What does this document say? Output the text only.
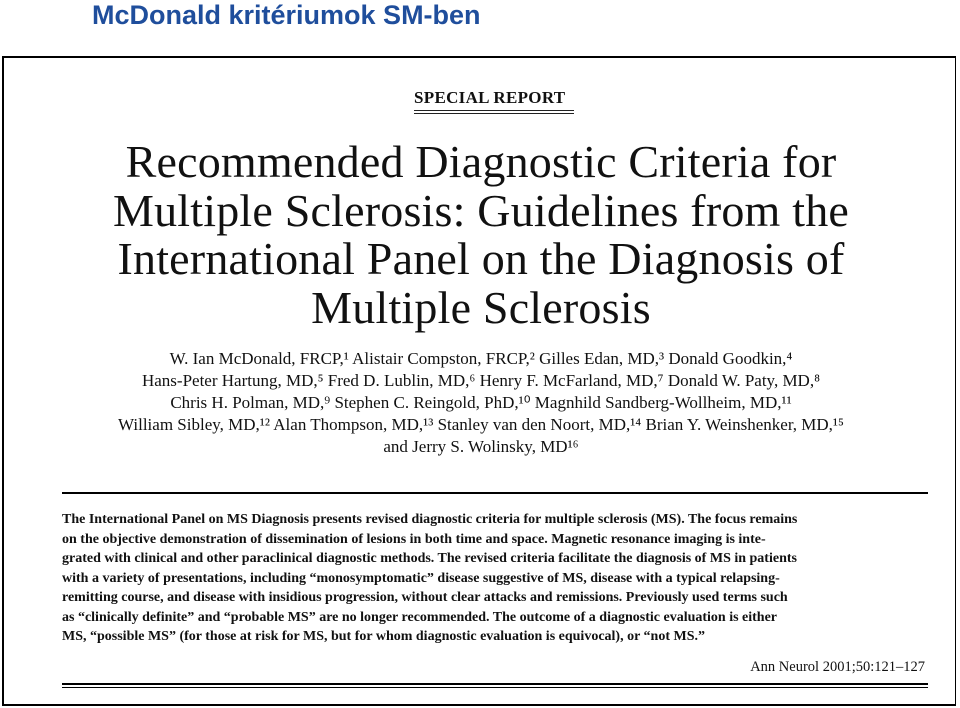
McDonald kritériumok SM-ben
SPECIAL REPORT
Recommended Diagnostic Criteria for
Multiple Sclerosis: Guidelines from the
International Panel on the Diagnosis of
Multiple Sclerosis
W. Ian McDonald, FRCP,¹ Alistair Compston, FRCP,² Gilles Edan, MD,³ Donald Goodkin,⁴
Hans-Peter Hartung, MD,⁵ Fred D. Lublin, MD,⁶ Henry F. McFarland, MD,⁷ Donald W. Paty, MD,⁸
Chris H. Polman, MD,⁹ Stephen C. Reingold, PhD,¹⁰ Magnhild Sandberg-Wollheim, MD,¹¹
William Sibley, MD,¹² Alan Thompson, MD,¹³ Stanley van den Noort, MD,¹⁴ Brian Y. Weinshenker, MD,¹⁵
and Jerry S. Wolinsky, MD¹⁶
The International Panel on MS Diagnosis presents revised diagnostic criteria for multiple sclerosis (MS). The focus remains
on the objective demonstration of dissemination of lesions in both time and space. Magnetic resonance imaging is inte-
grated with clinical and other paraclinical diagnostic methods. The revised criteria facilitate the diagnosis of MS in patients
with a variety of presentations, including “monosymptomatic” disease suggestive of MS, disease with a typical relapsing-
remitting course, and disease with insidious progression, without clear attacks and remissions. Previously used terms such
as “clinically definite” and “probable MS” are no longer recommended. The outcome of a diagnostic evaluation is either
MS, “possible MS” (for those at risk for MS, but for whom diagnostic evaluation is equivocal), or “not MS.”
Ann Neurol 2001;50:121–127
